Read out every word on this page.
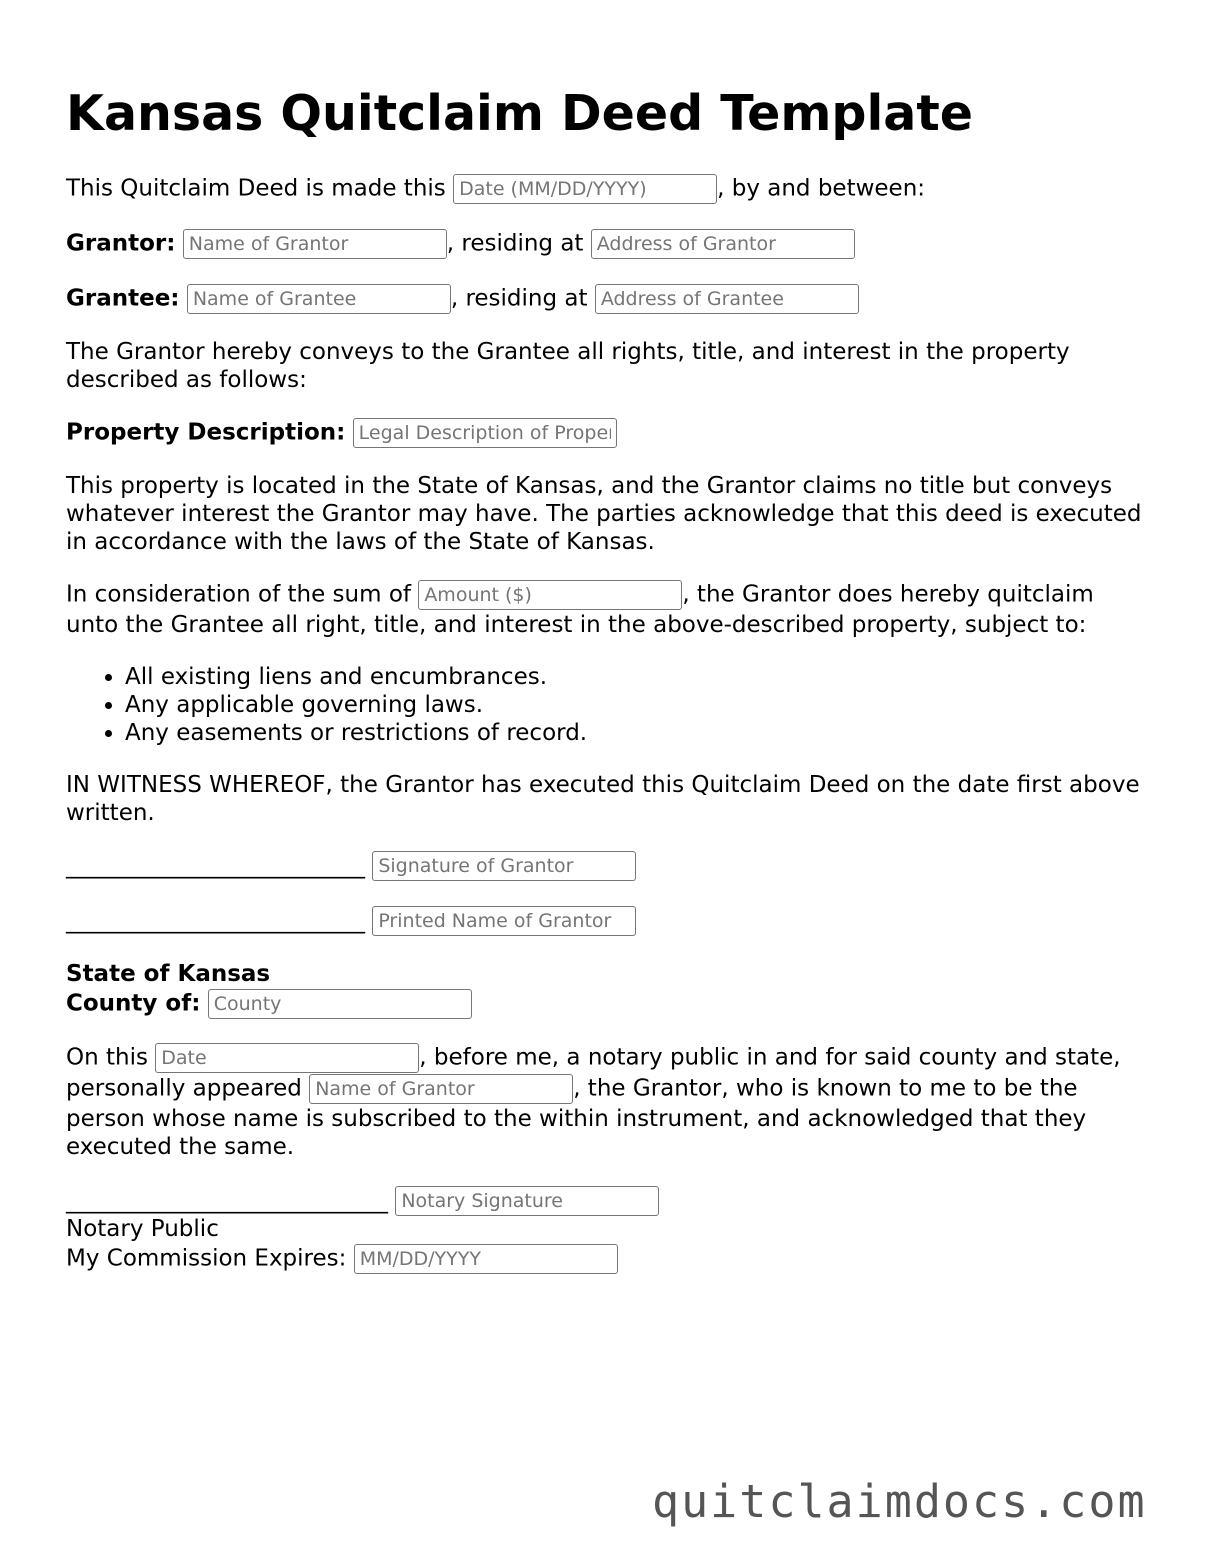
Kansas Quitclaim Deed Template
This Quitclaim Deed is made this Date (MM/DD/YYYY)	, by and between:
Grantor: Name of Grantor	, residing at Address of Grantor
Grantee: Name of Grantee	, residing at Address of Grantee
The Grantor hereby conveys to the Grantee all rights, title, and interest in the property described as follows:
Property Description: Legal Description of Property
This property is located in the State of Kansas, and the Grantor claims no title but conveys whatever interest the Grantor may have. The parties acknowledge that this deed is executed in accordance with the laws of the State of Kansas.
In consideration of the sum of Amount ($)	, the Grantor does hereby quitclaim
unto the Grantee all right, title, and interest in the above-described property, subject to:
• All existing liens and encumbrances.
• Any applicable governing laws.
• Any easements or restrictions of record.
IN WITNESS WHEREOF, the Grantor has executed this Quitclaim Deed on the date first above written.
__________________________ Signature of Grantor
__________________________ Printed Name of Grantor
State of Kansas
County of: County
On this Date	, before me, a notary public in and for said county and state,
personally appeared Name of Grantor	, the Grantor, who is known to me to be the
person whose name is subscribed to the within instrument, and acknowledged that they executed the same.
____________________________ Notary Signature
Notary Public
My Commission Expires: MM/DD/YYYY
quitclaimdocs.com
